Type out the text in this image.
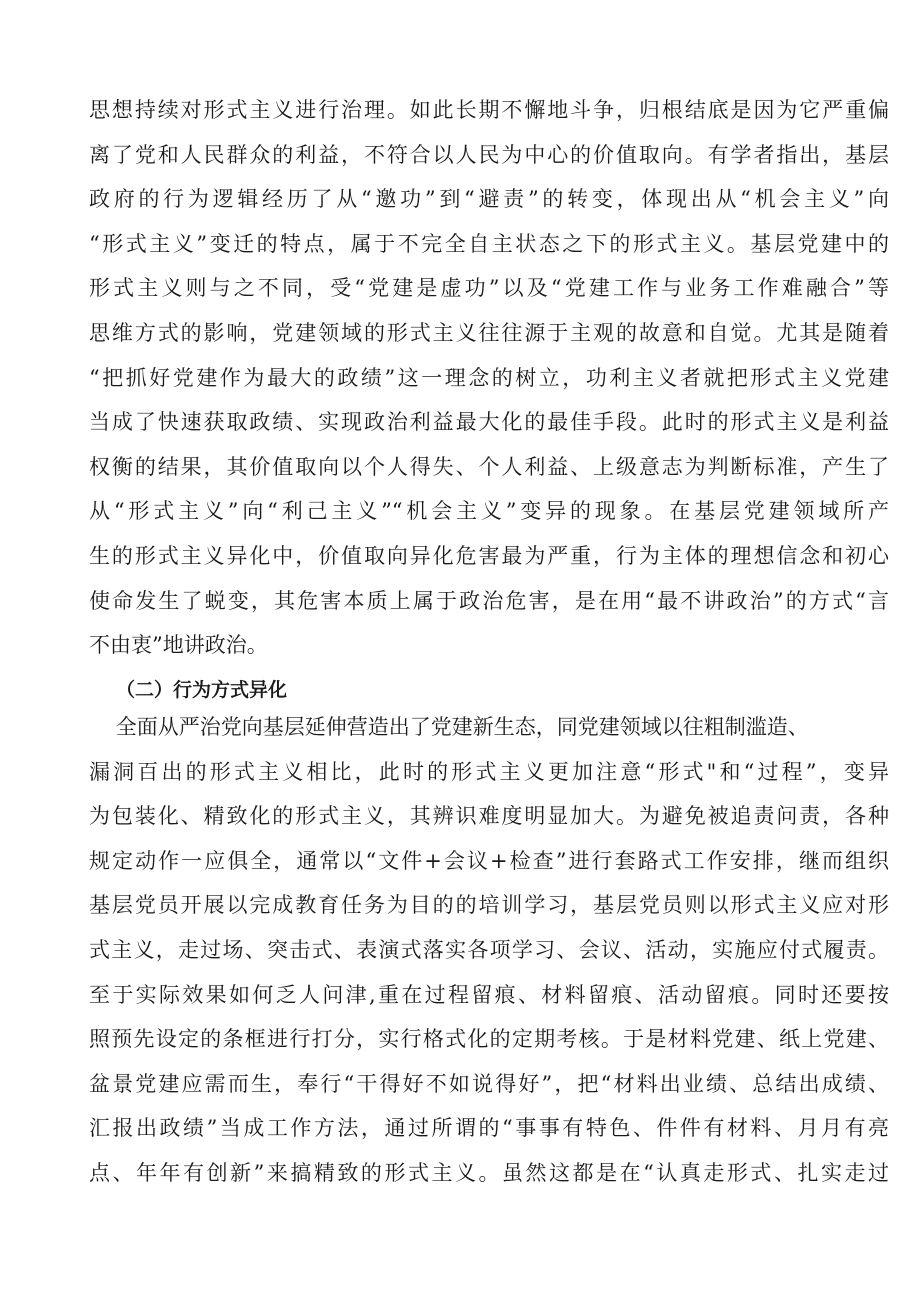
思想持续对形式主义进行治理。如此长期不懈地斗争，归根结底是因为它严重偏
离了党和人民群众的利益，不符合以人民为中心的价值取向。有学者指出，基层
政府的行为逻辑经历了从“邀功”到“避责”的转变，体现出从“机会主义”向
“形式主义”变迁的特点，属于不完全自主状态之下的形式主义。基层党建中的
形式主义则与之不同，受“党建是虚功”以及“党建工作与业务工作难融合”等
思维方式的影响，党建领域的形式主义往往源于主观的故意和自觉。尤其是随着
“把抓好党建作为最大的政绩”这一理念的树立，功利主义者就把形式主义党建
当成了快速获取政绩、实现政治利益最大化的最佳手段。此时的形式主义是利益
权衡的结果，其价值取向以个人得失、个人利益、上级意志为判断标准，产生了
从“形式主义”向“利己主义”“机会主义”变异的现象。在基层党建领域所产
生的形式主义异化中，价值取向异化危害最为严重，行为主体的理想信念和初心
使命发生了蜕变，其危害本质上属于政治危害，是在用“最不讲政治”的方式“言
不由衷”地讲政治。
（二）行为方式异化
全面从严治党向基层延伸营造出了党建新生态，同党建领域以往粗制滥造、
漏洞百出的形式主义相比，此时的形式主义更加注意“形式"和“过程”，变异
为包装化、精致化的形式主义，其辨识难度明显加大。为避免被追责问责，各种
规定动作一应俱全，通常以“文件+会议+检查”进行套路式工作安排，继而组织
基层党员开展以完成教育任务为目的的培训学习，基层党员则以形式主义应对形
式主义，走过场、突击式、表演式落实各项学习、会议、活动，实施应付式履责。
至于实际效果如何乏人问津,重在过程留痕、材料留痕、活动留痕。同时还要按
照预先设定的条框进行打分，实行格式化的定期考核。于是材料党建、纸上党建、
盆景党建应需而生，奉行“干得好不如说得好”，把“材料出业绩、总结出成绩、
汇报出政绩”当成工作方法，通过所谓的“事事有特色、件件有材料、月月有亮
点、年年有创新”来搞精致的形式主义。虽然这都是在“认真走形式、扎实走过
